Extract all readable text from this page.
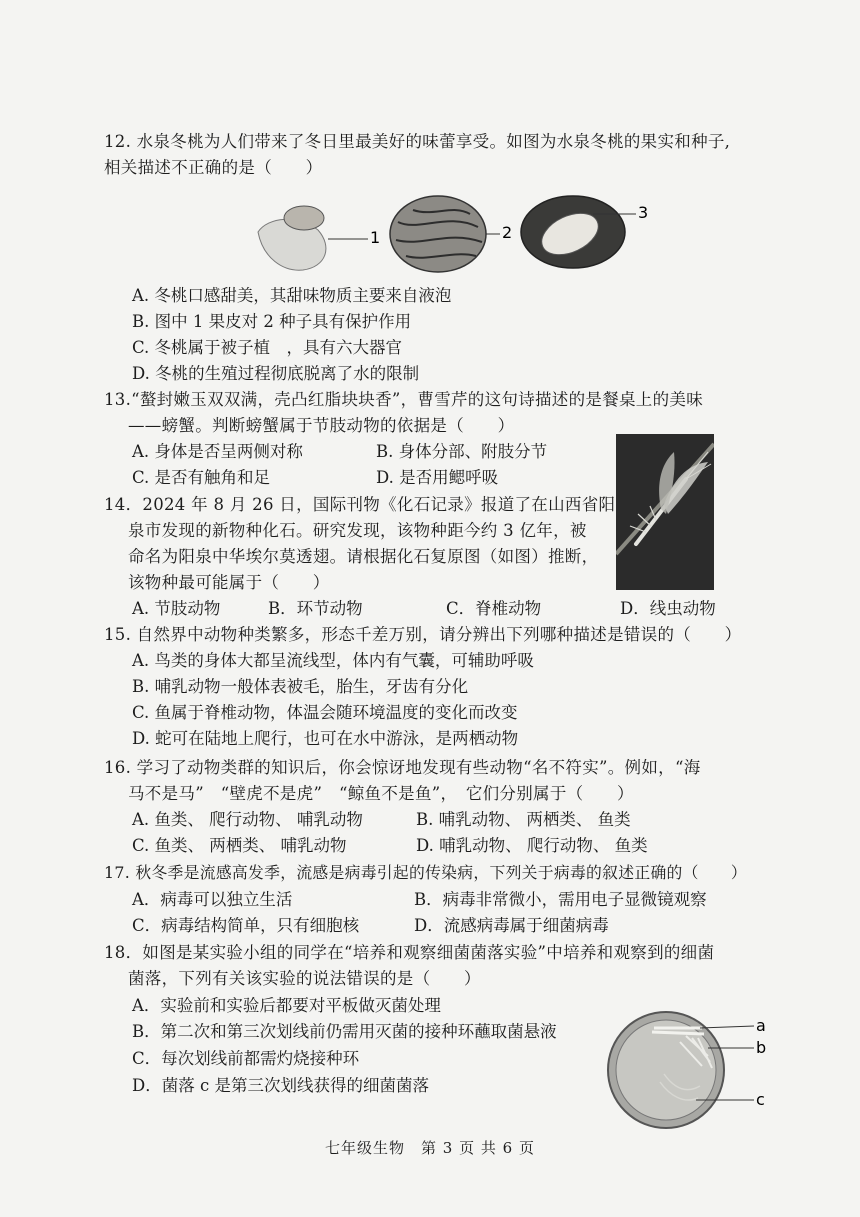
12. 水泉冬桃为人们带来了冬日里最美好的味蕾享受。如图为水泉冬桃的果实和种子,
相关描述不正确的是（　　）
1	2
3
A. 冬桃口感甜美，其甜味物质主要来自液泡
B. 图中 1 果皮对 2 种子具有保护作用
C. 冬桃属于被子植　，具有六大器官
D. 冬桃的生殖过程彻底脱离了水的限制
13.“螯封嫩玉双双满，壳凸红脂块块香”，曹雪芹的这句诗描述的是餐桌上的美味
——螃蟹。判断螃蟹属于节肢动物的依据是（　　）
A. 身体是否呈两侧对称	B. 身体分部、附肢分节
C. 是否有触角和足	D. 是否用鳃呼吸
14．2024 年 8 月 26 日，国际刊物《化石记录》报道了在山西省阳
泉市发现的新物种化石。研究发现，该物种距今约 3 亿年，被
命名为阳泉中华埃尔莫透翅。请根据化石复原图（如图）推断，
该物种最可能属于（　　）
A. 节肢动物	B．环节动物	C．脊椎动物	D．线虫动物
15. 自然界中动物种类繁多，形态千差万别，请分辨出下列哪种描述是错误的（　　）
A. 鸟类的身体大都呈流线型，体内有气囊，可辅助呼吸
B. 哺乳动物一般体表被毛，胎生，牙齿有分化
C. 鱼属于脊椎动物，体温会随环境温度的变化而改变
D. 蛇可在陆地上爬行，也可在水中游泳，是两栖动物
16. 学习了动物类群的知识后，你会惊讶地发现有些动物“名不符实”。例如，“海
马不是马”　“壁虎不是虎”　“鲸鱼不是鱼”，　它们分别属于（　　）
A. 鱼类、 爬行动物、 哺乳动物	B. 哺乳动物、 两栖类、 鱼类
C. 鱼类、 两栖类、 哺乳动物	D. 哺乳动物、 爬行动物、 鱼类
17. 秋冬季是流感高发季，流感是病毒引起的传染病，下列关于病毒的叙述正确的（　　）
A．病毒可以独立生活	B．病毒非常微小，需用电子显微镜观察
C．病毒结构简单，只有细胞核	D．流感病毒属于细菌病毒
18．如图是某实验小组的同学在“培养和观察细菌菌落实验”中培养和观察到的细菌
菌落，下列有关该实验的说法错误的是（　　）
A．实验前和实验后都要对平板做灭菌处理
B．第二次和第三次划线前仍需用灭菌的接种环蘸取菌悬液
C．每次划线前都需灼烧接种环
D．菌落 c 是第三次划线获得的细菌菌落
a
b
c
七年级生物　第 3 页 共 6 页
